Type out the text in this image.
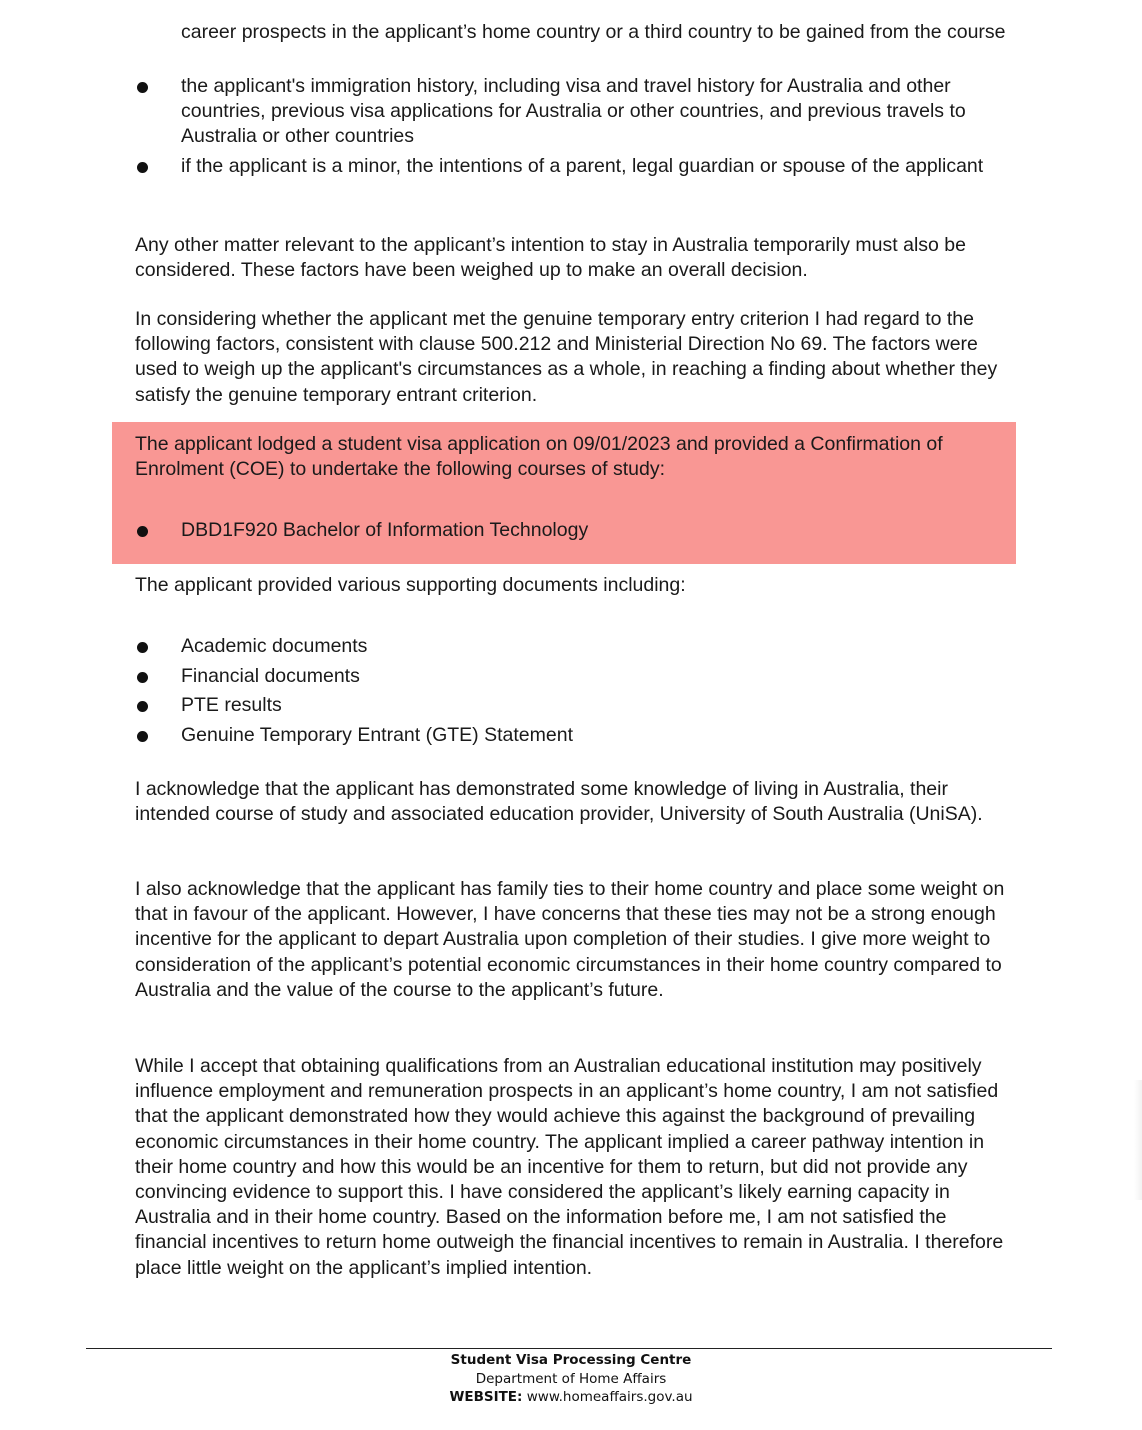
career prospects in the applicant’s home country or a third country to be gained from the course

the applicant's immigration history, including visa and travel history for Australia and other countries, previous visa applications for Australia or other countries, and previous travels to Australia or other countries
if the applicant is a minor, the intentions of a parent, legal guardian or spouse of the applicant

Any other matter relevant to the applicant’s intention to stay in Australia temporarily must also be considered. These factors have been weighed up to make an overall decision.

In considering whether the applicant met the genuine temporary entry criterion I had regard to the following factors, consistent with clause 500.212 and Ministerial Direction No 69. The factors were used to weigh up the applicant's circumstances as a whole, in reaching a finding about whether they satisfy the genuine temporary entrant criterion.

The applicant lodged a student visa application on 09/01/2023 and provided a Confirmation of Enrolment (COE) to undertake the following courses of study:

DBD1F920 Bachelor of Information Technology

The applicant provided various supporting documents including:

Academic documents
Financial documents
PTE results
Genuine Temporary Entrant (GTE) Statement

I acknowledge that the applicant has demonstrated some knowledge of living in Australia, their intended course of study and associated education provider, University of South Australia (UniSA).

I also acknowledge that the applicant has family ties to their home country and place some weight on that in favour of the applicant. However, I have concerns that these ties may not be a strong enough incentive for the applicant to depart Australia upon completion of their studies. I give more weight to consideration of the applicant’s potential economic circumstances in their home country compared to Australia and the value of the course to the applicant’s future.

While I accept that obtaining qualifications from an Australian educational institution may positively influence employment and remuneration prospects in an applicant’s home country, I am not satisfied that the applicant demonstrated how they would achieve this against the background of prevailing economic circumstances in their home country. The applicant implied a career pathway intention in their home country and how this would be an incentive for them to return, but did not provide any convincing evidence to support this. I have considered the applicant’s likely earning capacity in Australia and in their home country. Based on the information before me, I am not satisfied the financial incentives to return home outweigh the financial incentives to remain in Australia. I therefore place little weight on the applicant’s implied intention.

Student Visa Processing Centre
Department of Home Affairs
WEBSITE: www.homeaffairs.gov.au
